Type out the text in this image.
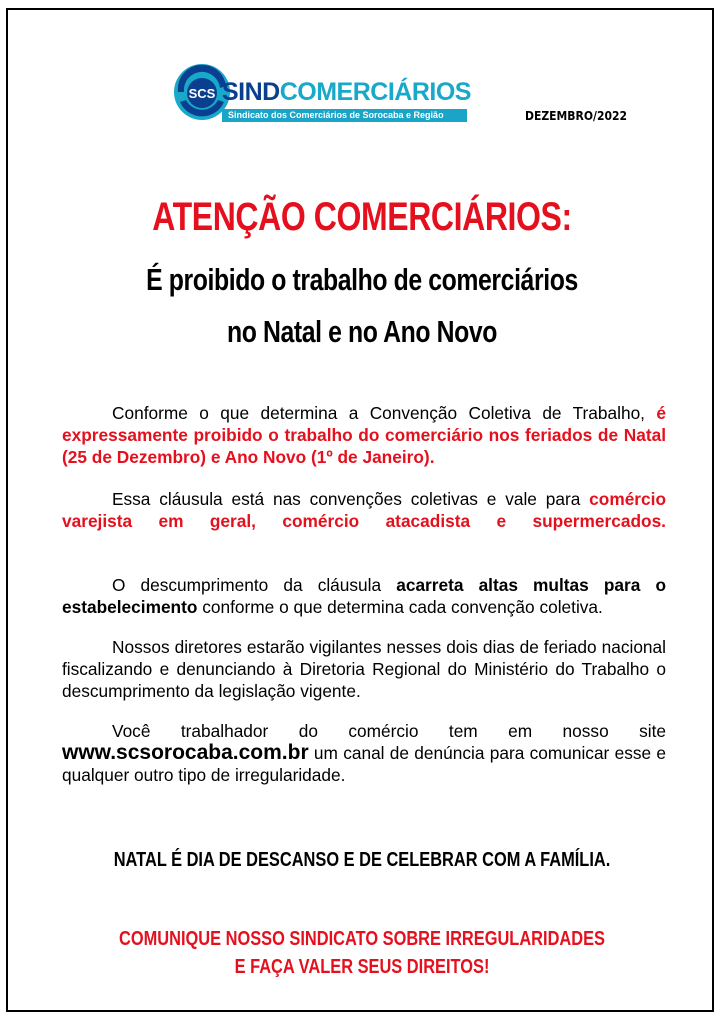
SCS SINDCOMERCIÁRIOS
Sindicato dos Comerciários de Sorocaba e Região	DEZEMBRO/2022
ATENÇÃO COMERCIÁRIOS:
É proibido o trabalho de comerciários
no Natal e no Ano Novo

Conforme o que determina a Convenção Coletiva de Trabalho, é expressamente proibido o trabalho do comerciário nos feriados de Natal (25 de Dezembro) e Ano Novo (1º de Janeiro).

Essa cláusula está nas convenções coletivas e vale para comércio varejista em geral, comércio atacadista e supermercados.

O descumprimento da cláusula acarreta altas multas para o estabelecimento conforme o que determina cada convenção coletiva.

Nossos diretores estarão vigilantes nesses dois dias de feriado nacional fiscalizando e denunciando à Diretoria Regional do Ministério do Trabalho o descumprimento da legislação vigente.

Você trabalhador do comércio tem em nosso site www.scsorocaba.com.br um canal de denúncia para comunicar esse e qualquer outro tipo de irregularidade.

NATAL É DIA DE DESCANSO E DE CELEBRAR COM A FAMÍLIA.
COMUNIQUE NOSSO SINDICATO SOBRE IRREGULARIDADES
E FAÇA VALER SEUS DIREITOS!
